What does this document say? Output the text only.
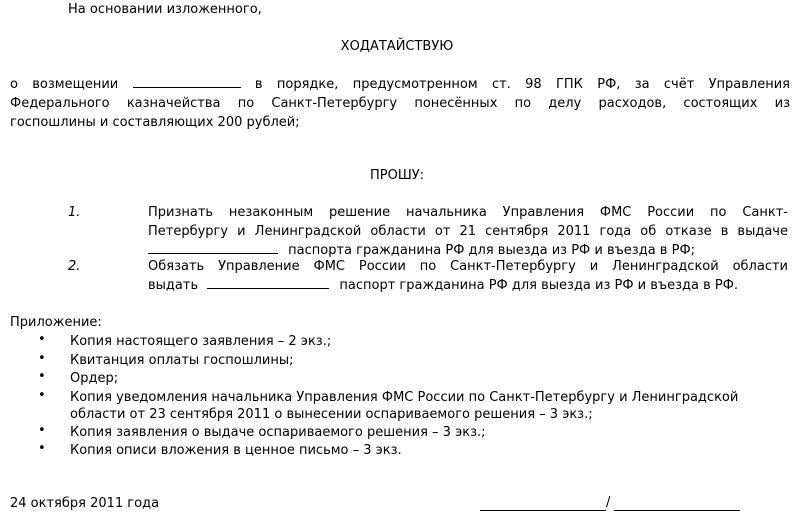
На основании изложенного,
ХОДАТАЙСТВУЮ
о возмещении	в порядке, предусмотренном ст. 98 ГПК РФ, за счёт Управления
Федерального казначейства по Санкт-Петербургу понесённых по делу расходов, состоящих из
госпошлины и составляющих 200 рублей;
ПРОШУ:
1.	Признать незаконным решение начальника Управления ФМС России по Санкт-
Петербургу и Ленинградской области от 21 сентября 2011 года об отказе в выдаче
паспорта гражданина РФ для выезда из РФ и въезда в РФ;
2.	Обязать Управление ФМС России по Санкт-Петербургу и Ленинградской области
выдать	паспорт гражданина РФ для выезда из РФ и въезда в РФ.
Приложение:
• Копия настоящего заявления – 2 экз.;
• Квитанция оплаты госпошлины;
• Ордер;
• Копия уведомления начальника Управления ФМС России по Санкт-Петербургу и Ленинградской
области от 23 сентября 2011 о вынесении оспариваемого решения – 3 экз.;
• Копия заявления о выдаче оспариваемого решения – 3 экз.;
• Копия описи вложения в ценное письмо – 3 экз.
24 октября 2011 года	/
